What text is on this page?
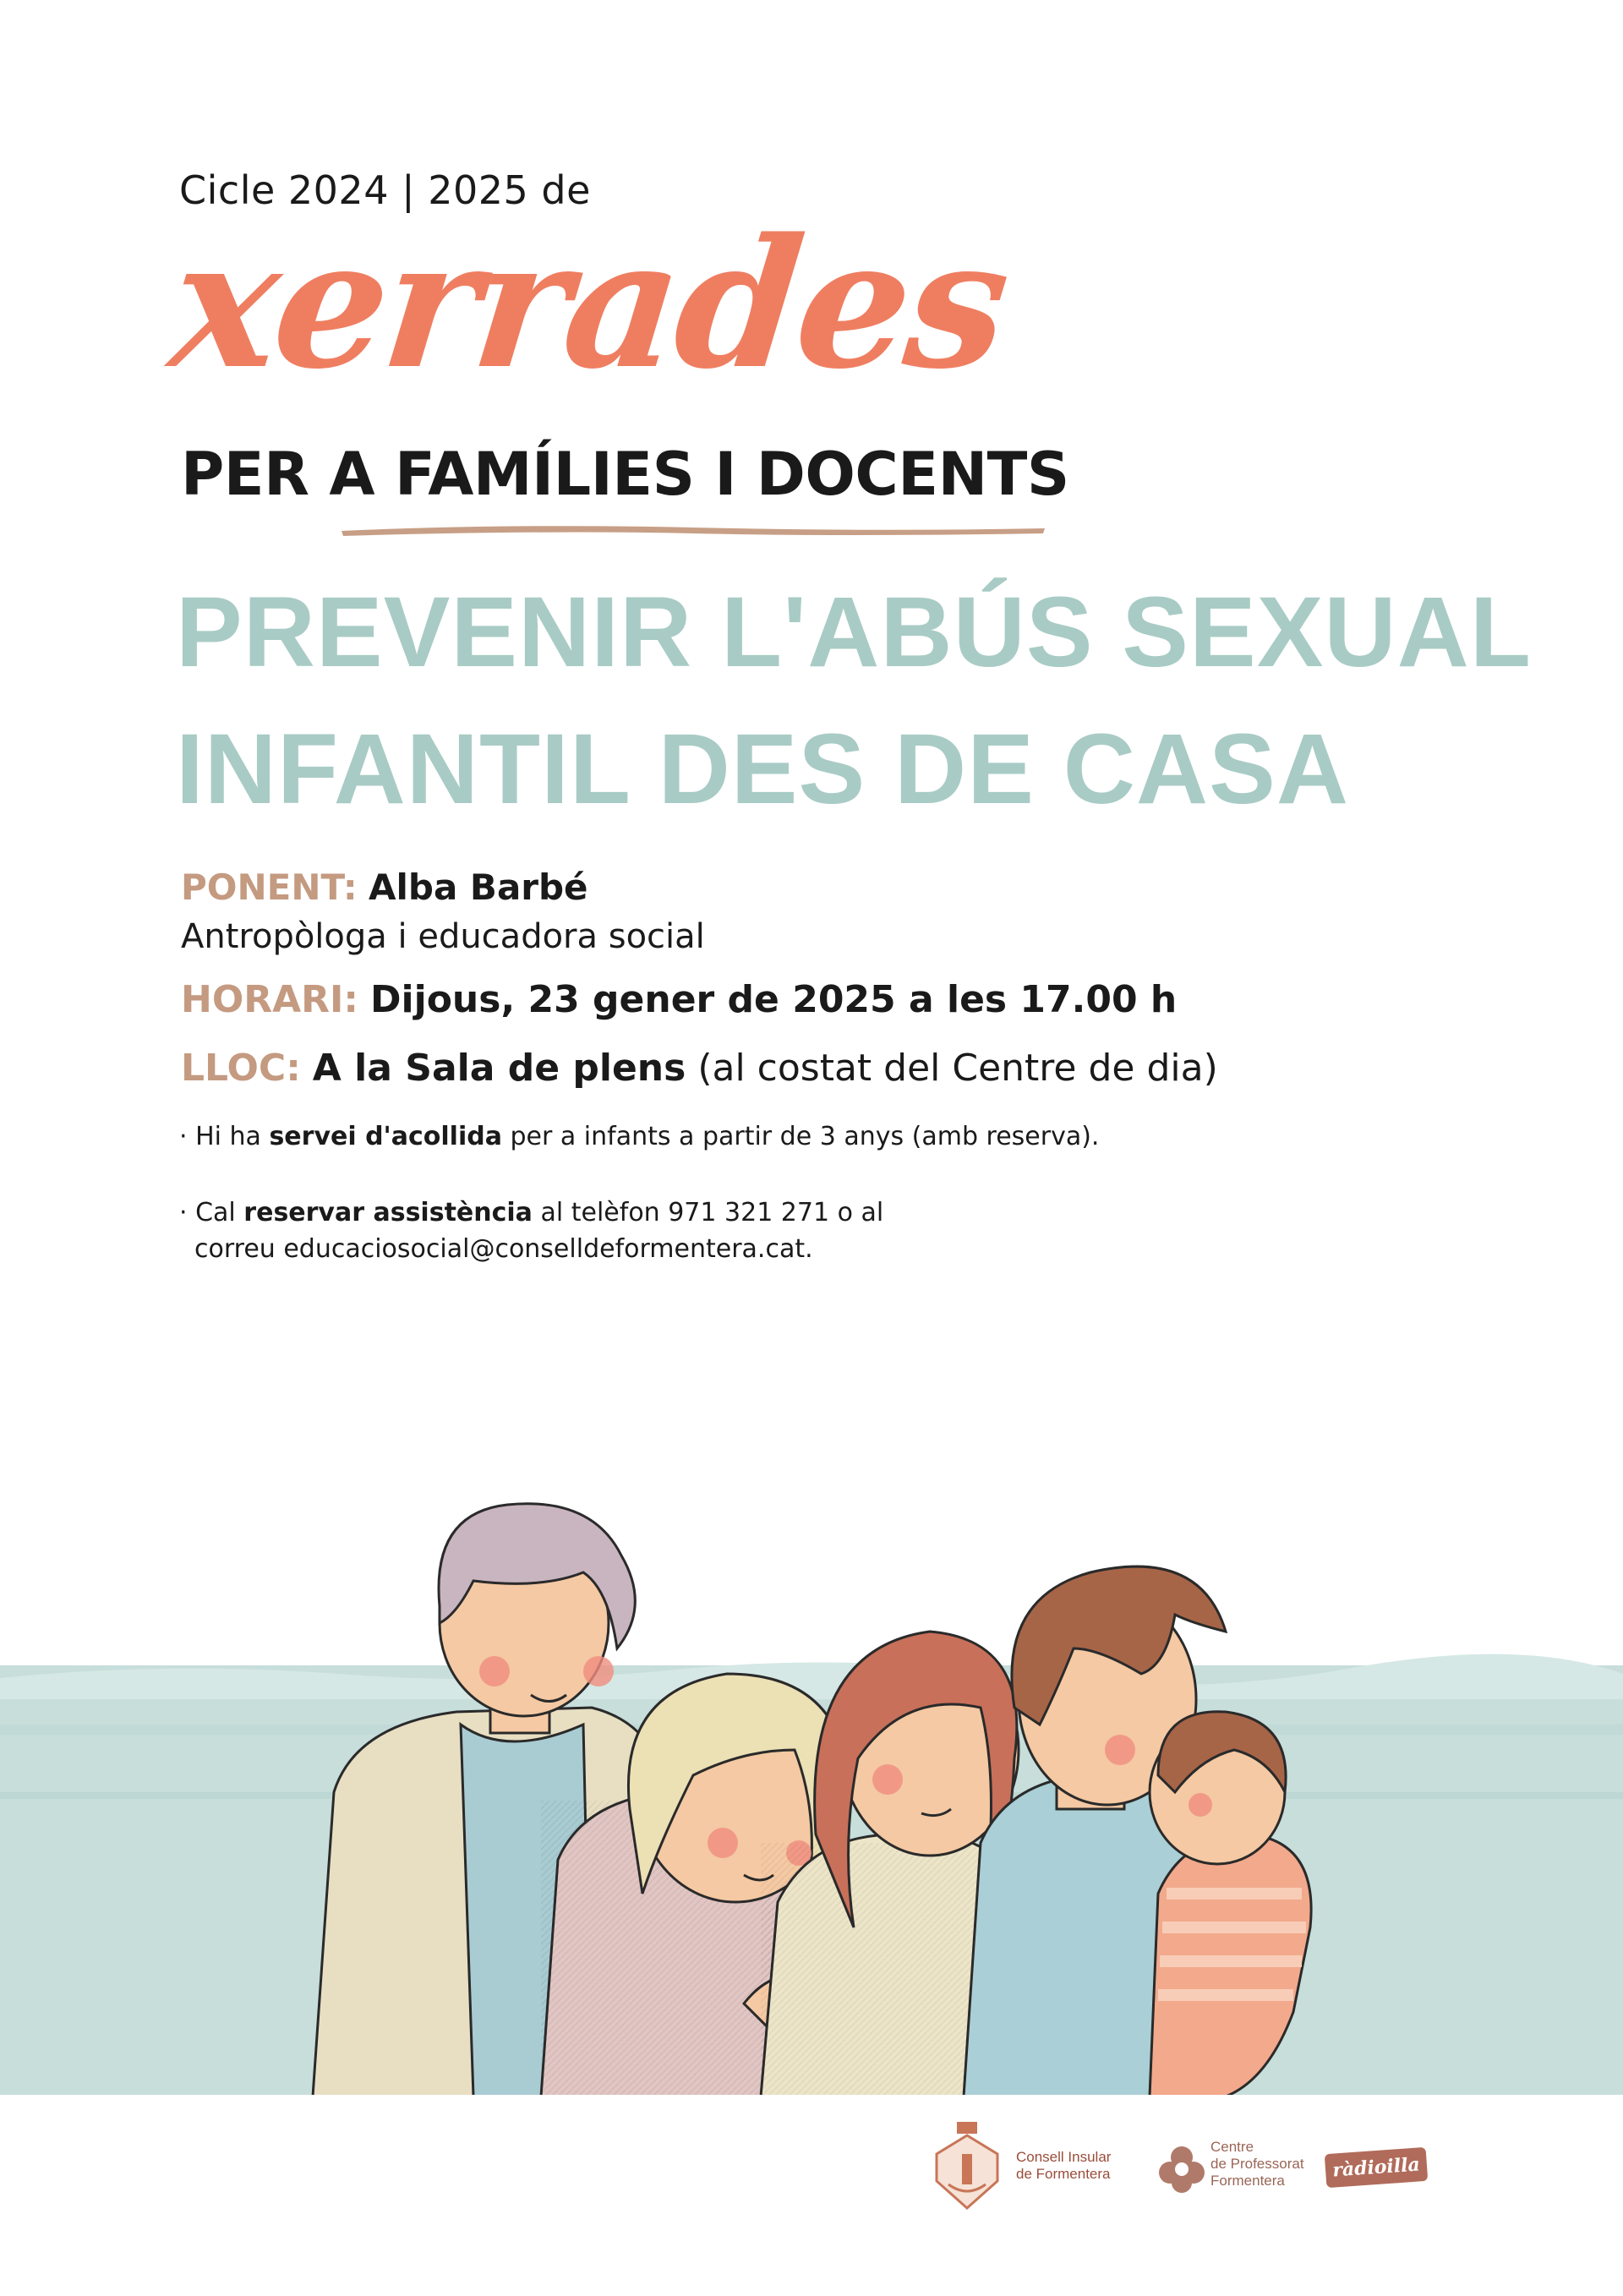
Cicle 2024 | 2025 de
xerrades
PER A FAMÍLIES I DOCENTS
PREVENIR L'ABÚS SEXUAL
INFANTIL DES DE CASA
PONENT: Alba Barbé
Antropòloga i educadora social
HORARI: Dijous, 23 gener de 2025 a les 17.00 h
LLOC: A la Sala de plens (al costat del Centre de dia)
· Hi ha servei d'acollida per a infants a partir de 3 anys (amb reserva).
· Cal reservar assistència al telèfon 971 321 271 o al
correu educaciosocial@conselldeformentera.cat.
Consell Insular
de Formentera
Centre
de Professorat
Formentera	ràdioilla
